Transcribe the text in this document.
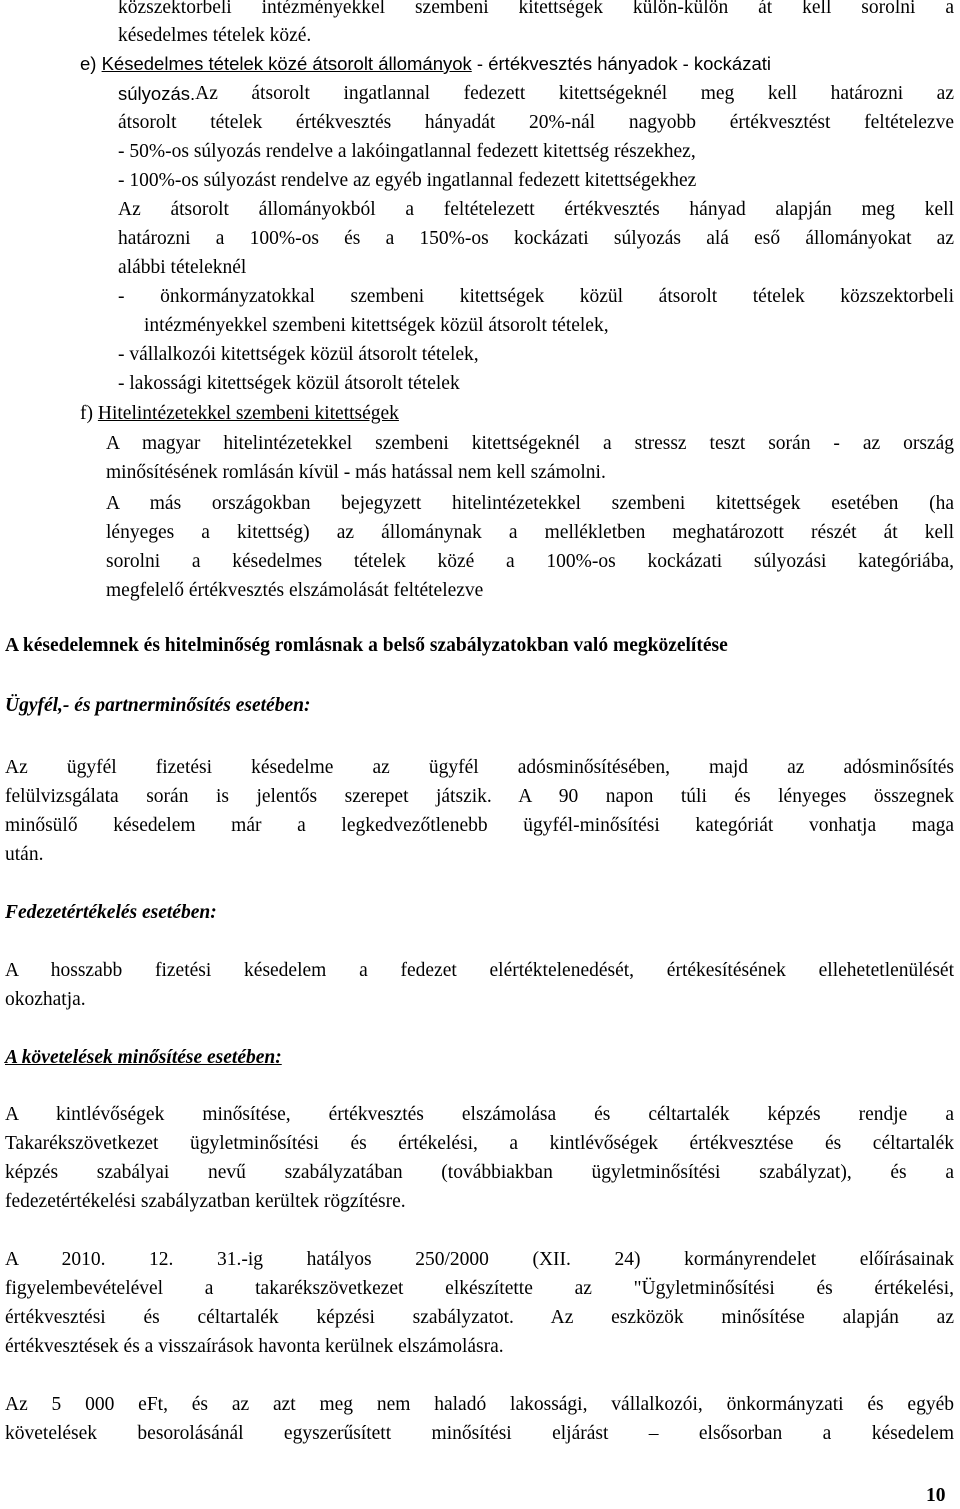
közszektorbeli intézményekkel szembeni kitettségek külön-külön át kell sorolni a
késedelmes tételek közé.
e) Késedelmes tételek közé átsorolt állományok - értékvesztés hányadok - kockázati
súlyozás. Az átsorolt ingatlannal fedezett kitettségeknél meg kell határozni az
átsorolt tételek értékvesztés hányadát 20%-nál nagyobb értékvesztést feltételezve
- 50%-os súlyozás rendelve a lakóingatlannal fedezett kitettség részekhez,
- 100%-os súlyozást rendelve az egyéb ingatlannal fedezett kitettségekhez
Az átsorolt állományokból a feltételezett értékvesztés hányad alapján meg kell
határozni a 100%-os és a 150%-os kockázati súlyozás alá eső állományokat az
alábbi tételeknél
- önkormányzatokkal szembeni kitettségek közül átsorolt tételek közszektorbeli
intézményekkel szembeni kitettségek közül átsorolt tételek,
- vállalkozói kitettségek közül átsorolt tételek,
- lakossági kitettségek közül átsorolt tételek
f) Hitelintézetekkel szembeni kitettségek
A magyar hitelintézetekkel szembeni kitettségeknél a stressz teszt során - az ország
minősítésének romlásán kívül - más hatással nem kell számolni.
A más országokban bejegyzett hitelintézetekkel szembeni kitettségek esetében (ha
lényeges a kitettség) az állománynak a mellékletben meghatározott részét át kell
sorolni a késedelmes tételek közé a 100%-os kockázati súlyozási kategóriába,
megfelelő értékvesztés elszámolását feltételezve
A késedelemnek és hitelminőség romlásnak a belső szabályzatokban való megközelítése
Ügyfél,- és partnerminősítés esetében:
Az ügyfél fizetési késedelme az ügyfél adósminősítésében, majd az adósminősítés
felülvizsgálata során is jelentős szerepet játszik. A 90 napon túli és lényeges összegnek
minősülő késedelem már a legkedvezőtlenebb ügyfél-minősítési kategóriát vonhatja maga
után.
Fedezetértékelés esetében:
A hosszabb fizetési késedelem a fedezet elértéktelenedését, értékesítésének ellehetetlenülését
okozhatja.
A követelések minősítése esetében:
A kintlévőségek minősítése, értékvesztés elszámolása és céltartalék képzés rendje a
Takarékszövetkezet ügyletminősítési és értékelési, a kintlévőségek értékvesztése és céltartalék
képzés szabályai nevű szabályzatában (továbbiakban ügyletminősítési szabályzat), és a
fedezetértékelési szabályzatban kerültek rögzítésre.
A 2010. 12. 31.-ig hatályos 250/2000 (XII. 24) kormányrendelet előírásainak
figyelembevételével a takarékszövetkezet elkészítette az "Ügyletminősítési és értékelési,
értékvesztési és céltartalék képzési szabályzatot. Az eszközök minősítése alapján az
értékvesztések és a visszaírások havonta kerülnek elszámolásra.
Az 5 000 eFt, és az azt meg nem haladó lakossági, vállalkozói, önkormányzati és egyéb
követelések besorolásánál egyszerűsített minősítési eljárást – elsősorban a késedelem
10
